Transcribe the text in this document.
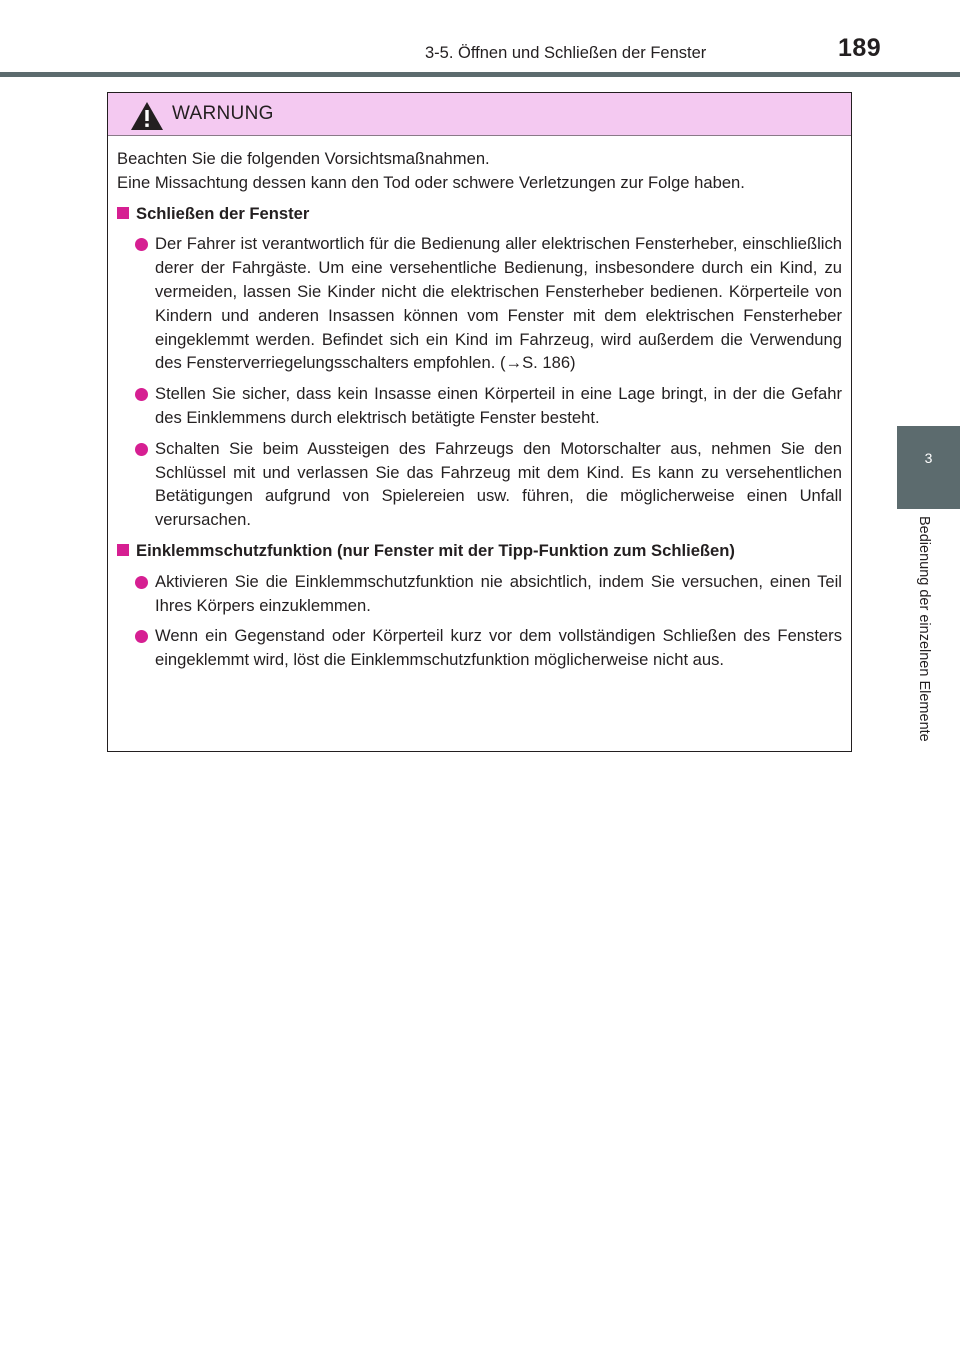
3-5. Öffnen und Schließen der Fenster	189
3
Bedienung der einzelnen Elemente
WARNUNG
Beachten Sie die folgenden Vorsichtsmaßnahmen.
Eine Missachtung dessen kann den Tod oder schwere Verletzungen zur Folge haben.
Schließen der Fenster
Der Fahrer ist verantwortlich für die Bedienung aller elektrischen Fensterheber, einschließlich derer der Fahrgäste. Um eine versehentliche Bedienung, insbesondere durch ein Kind, zu vermeiden, lassen Sie Kinder nicht die elektrischen Fensterheber bedienen. Körperteile von Kindern und anderen Insassen können vom Fenster mit dem elektrischen Fensterheber eingeklemmt werden. Befindet sich ein Kind im Fahrzeug, wird außerdem die Verwendung des Fensterverriegelungsschalters empfohlen. (→S. 186)
Stellen Sie sicher, dass kein Insasse einen Körperteil in eine Lage bringt, in der die Gefahr des Einklemmens durch elektrisch betätigte Fenster besteht.
Schalten Sie beim Aussteigen des Fahrzeugs den Motorschalter aus, nehmen Sie den Schlüssel mit und verlassen Sie das Fahrzeug mit dem Kind. Es kann zu versehentlichen Betätigungen aufgrund von Spielereien usw. führen, die möglicherweise einen Unfall verursachen.
Einklemmschutzfunktion (nur Fenster mit der Tipp-Funktion zum Schließen)
Aktivieren Sie die Einklemmschutzfunktion nie absichtlich, indem Sie versuchen, einen Teil Ihres Körpers einzuklemmen.
Wenn ein Gegenstand oder Körperteil kurz vor dem vollständigen Schließen des Fensters eingeklemmt wird, löst die Einklemmschutzfunktion möglicherweise nicht aus.
